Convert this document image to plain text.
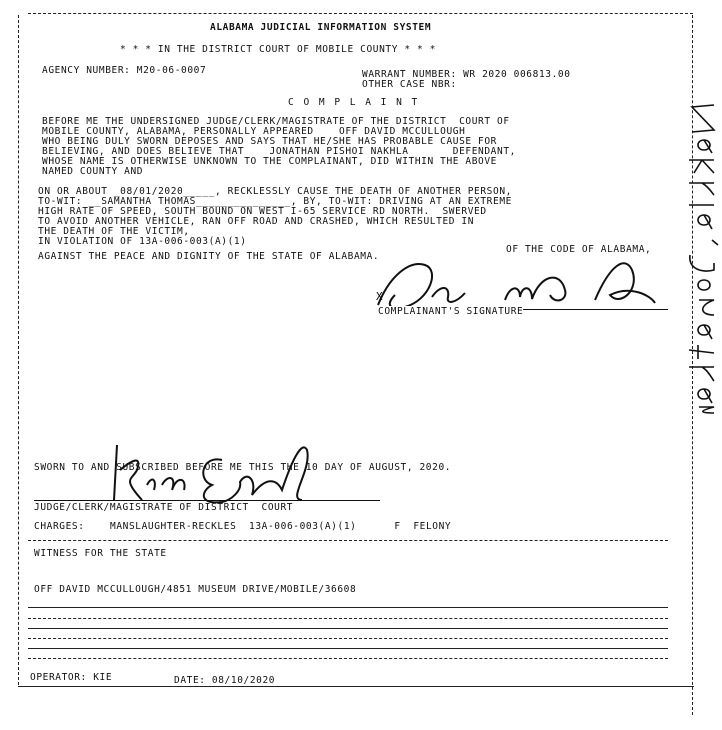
ALABAMA JUDICIAL INFORMATION SYSTEM
* * * IN THE DISTRICT COURT OF MOBILE COUNTY * * *
AGENCY NUMBER: M20-06-0007	WARRANT NUMBER: WR 2020 006813.00
OTHER CASE NBR:
C O M P L A I N T
BEFORE ME THE UNDERSIGNED JUDGE/CLERK/MAGISTRATE OF THE DISTRICT  COURT OF
MOBILE COUNTY, ALABAMA, PERSONALLY APPEARED    OFF DAVID MCCULLOUGH
WHO BEING DULY SWORN DEPOSES AND SAYS THAT HE/SHE HAS PROBABLE CAUSE FOR
BELIEVING, AND DOES BELIEVE THAT    JONATHAN PISHOI NAKHLA       DEFENDANT,
WHOSE NAME IS OTHERWISE UNKNOWN TO THE COMPLAINANT, DID WITHIN THE ABOVE
NAMED COUNTY AND
ON OR ABOUT _08/01/2020_____, RECKLESSLY CAUSE THE DEATH OF ANOTHER PERSON,
TO-WIT: __SAMANTHA THOMAS_______________, BY, TO-WIT: DRIVING AT AN EXTREME
HIGH RATE OF SPEED, SOUTH BOUND ON WEST I-65 SERVICE RD NORTH.  SWERVED
TO AVOID ANOTHER VEHICLE, RAN OFF ROAD AND CRASHED, WHICH RESULTED IN
THE DEATH OF THE VICTIM,
IN VIOLATION OF 13A-006-003(A)(1)
OF THE CODE OF ALABAMA,
AGAINST THE PEACE AND DIGNITY OF THE STATE OF ALABAMA.
X
COMPLAINANT'S SIGNATURE
SWORN TO AND SUBSCRIBED BEFORE ME THIS THE 10 DAY OF AUGUST, 2020.
JUDGE/CLERK/MAGISTRATE OF DISTRICT  COURT
CHARGES:	MANSLAUGHTER-RECKLES  13A-006-003(A)(1)      F  FELONY
WITNESS FOR THE STATE
OFF DAVID MCCULLOUGH/4851 MUSEUM DRIVE/MOBILE/36608
OPERATOR: KIE	DATE: 08/10/2020
